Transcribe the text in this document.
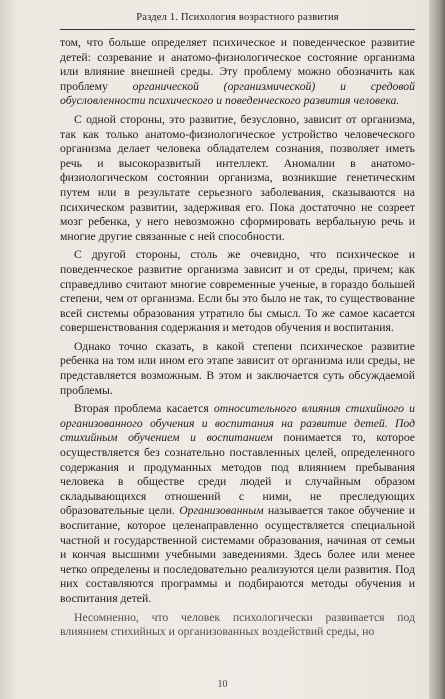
Раздел 1. Психология возрастного развития

том, что больше определяет психическое и поведенческое развитие детей: созревание и анатомо-физиологическое состояние организма или влияние внешней среды. Эту проблему можно обозначить как проблему органической (организмической) и средовой обусловленности психического и поведенческого развития человека.

С одной стороны, это развитие, безусловно, зависит от организма, так как только анатомо-физиологическое устройство человеческого организма делает человека обладателем сознания, позволяет иметь речь и высокоразвитый интеллект. Аномалии в анатомо-физиологическом состоянии организма, возникшие генетическим путем или в результате серьезного заболевания, сказываются на психическом развитии, задерживая его. Пока достаточно не созреет мозг ребенка, у него невозможно сформировать вербальную речь и многие другие связанные с ней способности.

С другой стороны, столь же очевидно, что психическое и поведенческое развитие организма зависит и от среды, причем; как справедливо считают многие современные ученые, в гораздо большей степени, чем от организма. Если бы это было не так, то существование всей системы образования утратило бы смысл. То же самое касается совершенствования содержания и методов обучения и воспитания.

Однако точно сказать, в какой степени психическое развитие ребенка на том или ином его этапе зависит от организма или среды, не представляется возможным. В этом и заключается суть обсуждаемой проблемы.

Вторая проблема касается относительного влияния стихийного и организованного обучения и воспитания на развитие детей. Под стихийным обучением и воспитанием понимается то, которое осуществляется без сознательно поставленных целей, определенного содержания и продуманных методов под влиянием пребывания человека в обществе среди людей и случайным образом складывающихся отношений с ними, не преследующих образовательные цели. Организованным называется такое обучение и воспитание, которое целенаправленно осуществляется специальной частной и государственной системами образования, начиная от семьи и кончая высшими учебными заведениями. Здесь более или менее четко определены и последовательно реализуются цели развития. Под них составляются программы и подбираются методы обучения и воспитания детей.

Несомненно, что человек психологически развивается под влиянием стихийных и организованных воздействий среды, но

10
